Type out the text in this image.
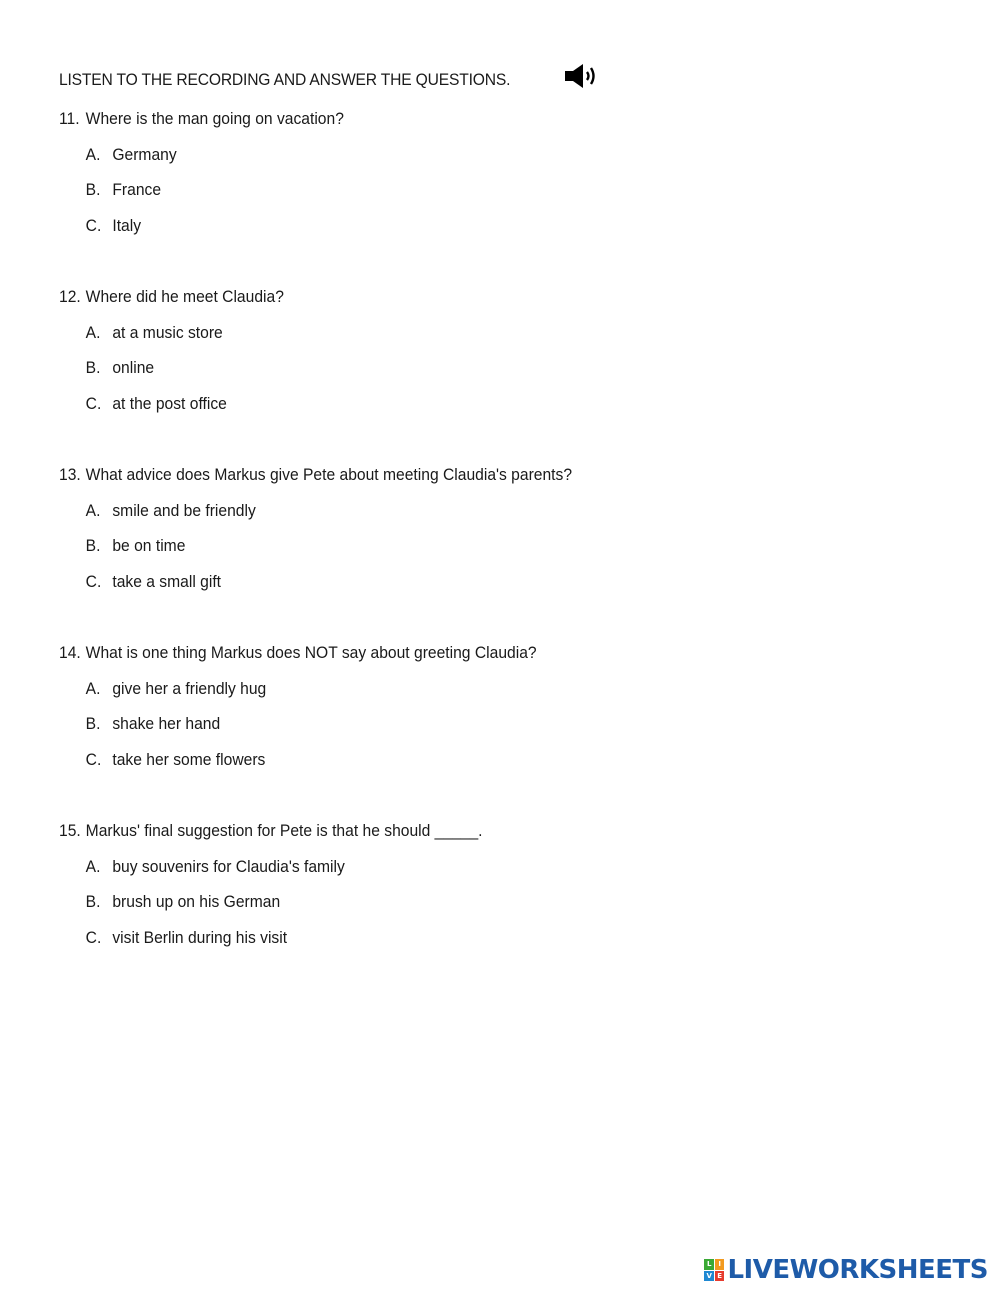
LISTEN TO THE RECORDING AND ANSWER THE QUESTIONS.
11. Where is the man going on vacation?
A. Germany
B. France
C. Italy
12. Where did he meet Claudia?
A. at a music store
B. online
C. at the post office
13. What advice does Markus give Pete about meeting Claudia's parents?
A. smile and be friendly
B. be on time
C. take a small gift
14. What is one thing Markus does NOT say about greeting Claudia?
A. give her a friendly hug
B. shake her hand
C. take her some flowers
15. Markus' final suggestion for Pete is that he should _____.
A. buy souvenirs for Claudia's family
B. brush up on his German
C. visit Berlin during his visit
L I
V E LIVEWORKSHEETS
